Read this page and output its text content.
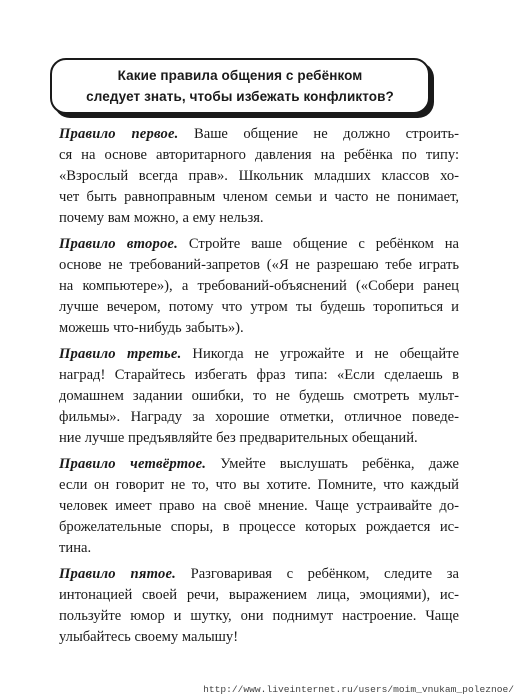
Какие правила общения с ребёнком
следует знать, чтобы избежать конфликтов?
Правило первое. Ваше общение не должно строить-
ся на основе авторитарного давления на ребёнка по типу:
«Взрослый всегда прав». Школьник младших классов хо-
чет быть равноправным членом семьи и часто не понимает,
почему вам можно, а ему нельзя.
Правило второе. Стройте ваше общение с ребёнком на
основе не требований-запретов («Я не разрешаю тебе играть
на компьютере»), а требований-объяснений («Собери ранец
лучше вечером, потому что утром ты будешь торопиться и
можешь что-нибудь забыть»).
Правило третье. Никогда не угрожайте и не обещайте
наград! Старайтесь избегать фраз типа: «Если сделаешь в
домашнем задании ошибки, то не будешь смотреть мульт-
фильмы». Награду за хорошие отметки, отличное поведе-
ние лучше предъявляйте без предварительных обещаний.
Правило четвёртое. Умейте выслушать ребёнка, даже
если он говорит не то, что вы хотите. Помните, что каждый
человек имеет право на своё мнение. Чаще устраивайте до-
брожелательные споры, в процессе которых рождается ис-
тина.
Правило пятое. Разговаривая с ребёнком, следите за
интонацией своей речи, выражением лица, эмоциями), ис-
пользуйте юмор и шутку, они поднимут настроение. Чаще
улыбайтесь своему малышу!
http://www.liveinternet.ru/users/moim_vnukam_poleznoe/
